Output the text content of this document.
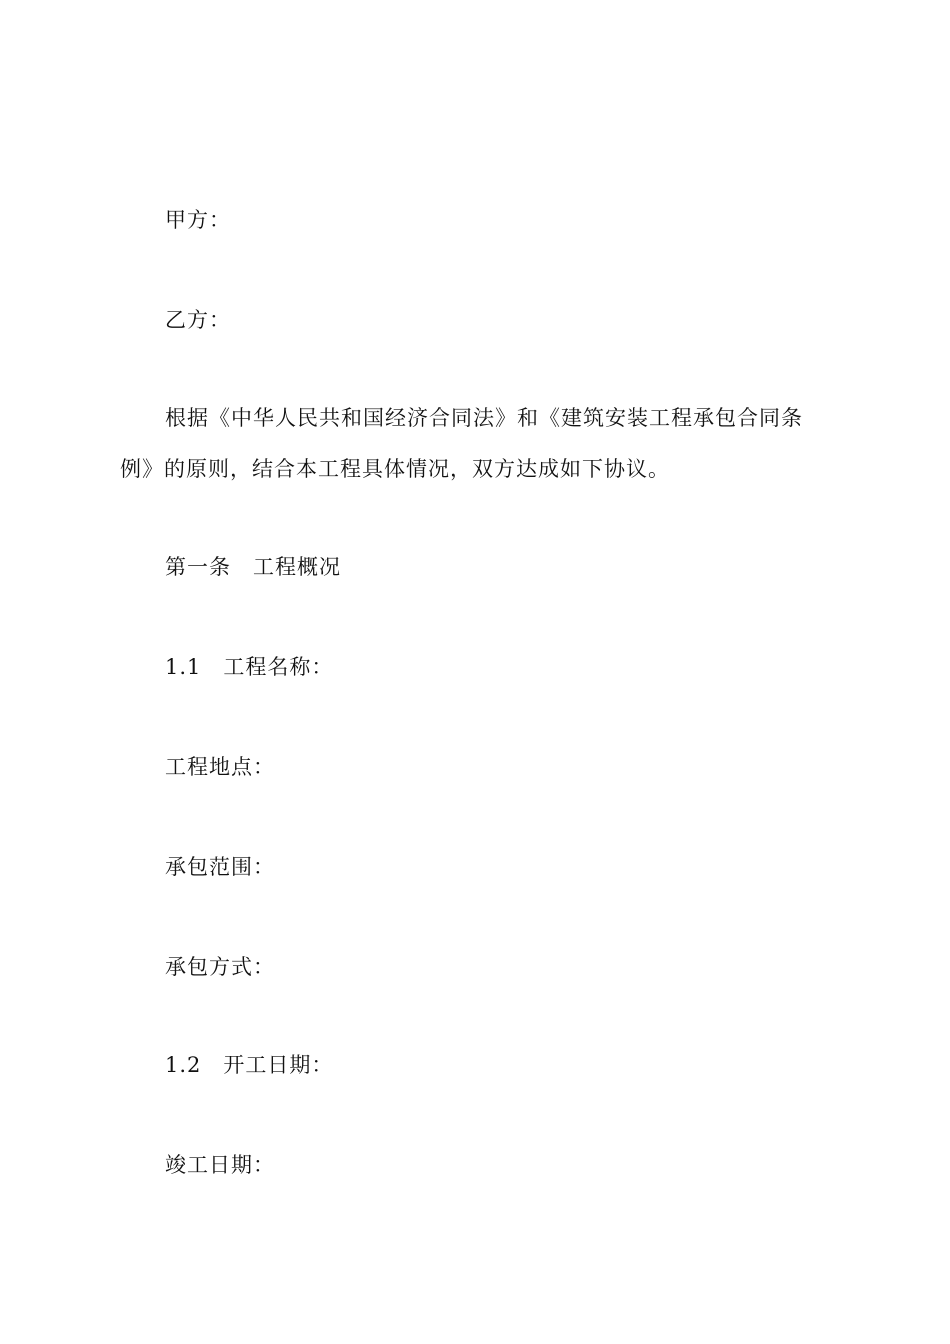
甲方：
乙方：
根据《中华人民共和国经济合同法》和《建筑安装工程承包合同条
例》的原则，结合本工程具体情况，双方达成如下协议。
第一条 工程概况
1.1 工程名称：
工程地点：
承包范围：
承包方式：
1.2 开工日期：
竣工日期：
